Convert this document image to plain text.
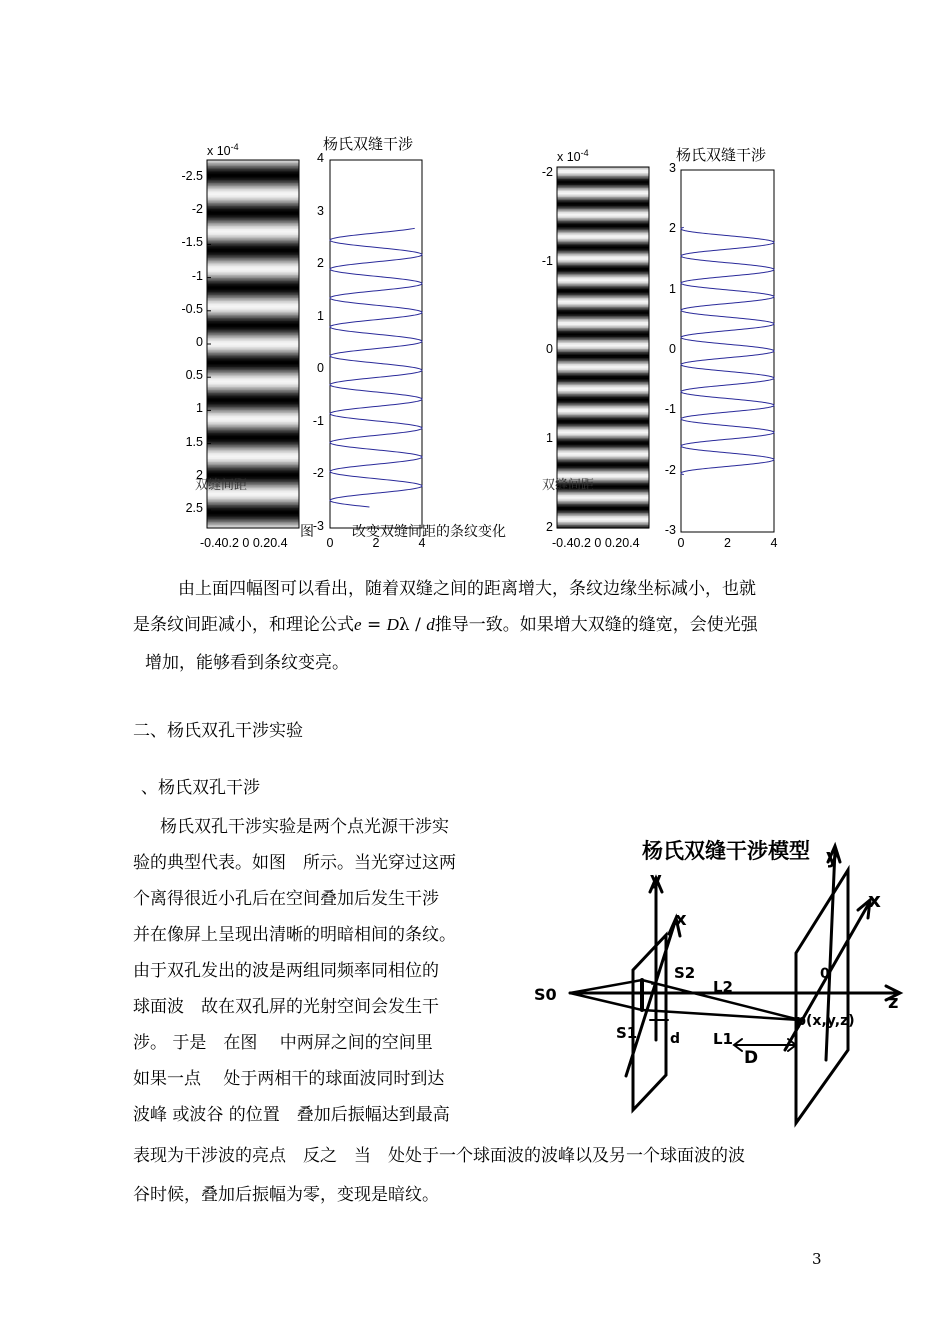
x $10^{-4}$	杨氏双缝干涉
x $10^{-4}$	杨氏双缝干涉
双缝间距	双缝间距
-0.40.2 0 0.20.4	-0.40.2 0 0.20.4
图	改变双缝间距的条纹变化
-2.5
-2
-1.5
-1
-0.5
0
0.5
1
1.5
2
2.5
4
3
2
1
0
-1
-2
-3
0	2	4
-2
-1
0
1
2
3
2
1
0
-1
-2
-3
0	2	4
由上面四幅图可以看出，随着双缝之间的距离增大，条纹边缘坐标减小，也就
是条纹间距减小，和理论公式e = Dλ / d推导一致。如果增大双缝的缝宽，会使光强
增加，能够看到条纹变亮。
二、杨氏双孔干涉实验
、杨氏双孔干涉
杨氏双孔干涉实验是两个点光源干涉实
验的典型代表。如图　所示。当光穿过这两
个离得很近小孔后在空间叠加后发生干涉
并在像屏上呈现出清晰的明暗相间的条纹。
由于双孔发出的波是两组同频率同相位的
球面波　故在双孔屏的光射空间会发生干
涉。 于是　在图　 中两屏之间的空间里
如果一点　 处于两相干的球面波同时到达
波峰 或波谷 的位置　叠加后振幅达到最高
表现为干涉波的亮点　反之　当　处处于一个球面波的波峰以及另一个球面波的波
谷时候，叠加后振幅为零，变现是暗纹。
杨氏双缝干涉模型
y
x
y
x
z
S0
S1
S2
L1
L2
d
D
0
p(x,y,z)
1
3
